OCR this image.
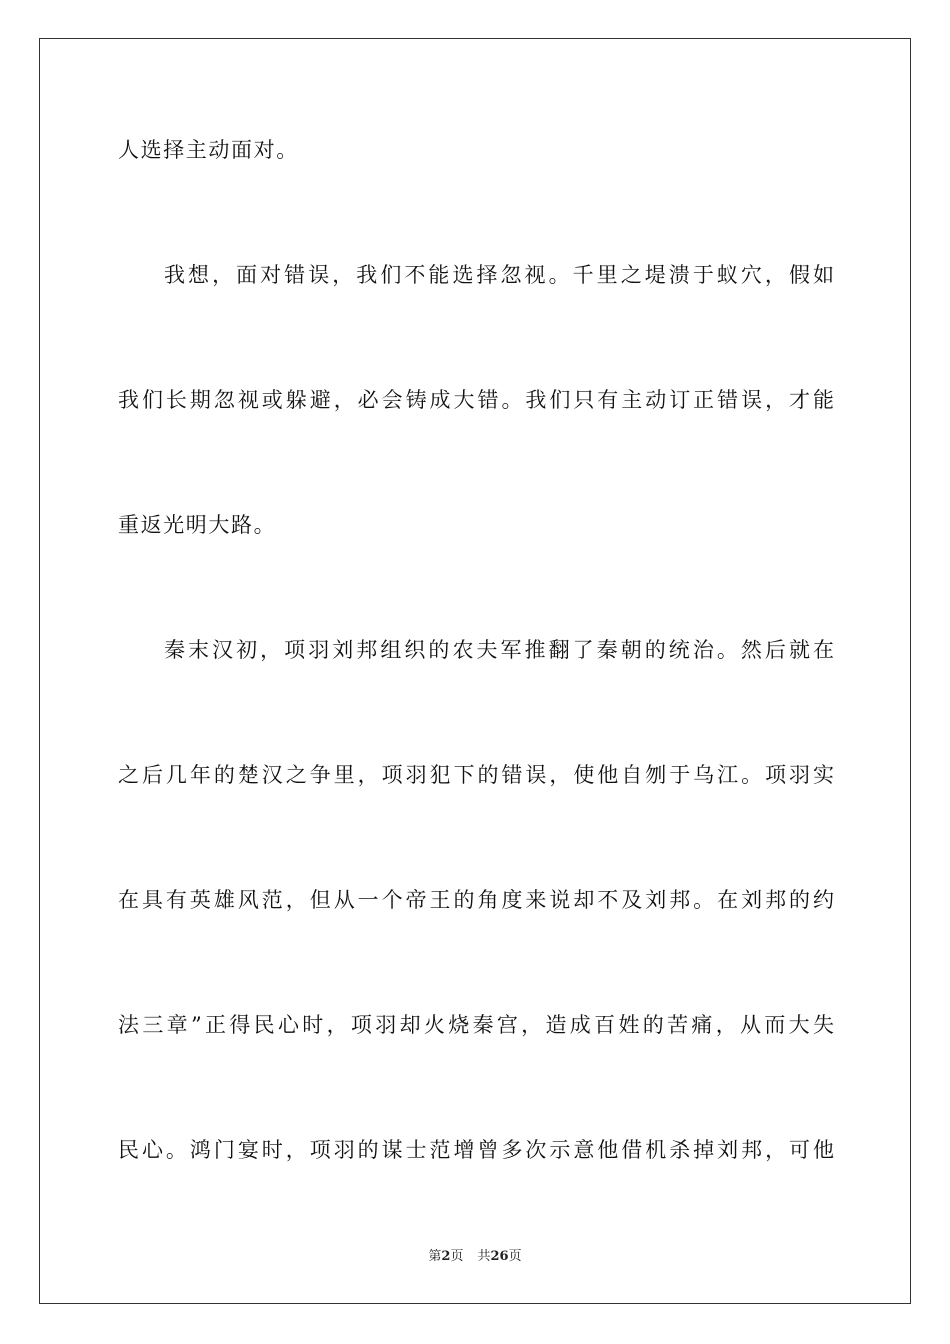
人选择主动面对。
我想，面对错误，我们不能选择忽视。千里之堤溃于蚁穴，假如
我们长期忽视或躲避，必会铸成大错。我们只有主动订正错误，才能
重返光明大路。
秦末汉初，项羽刘邦组织的农夫军推翻了秦朝的统治。然后就在
之后几年的楚汉之争里，项羽犯下的错误，使他自刎于乌江。项羽实
在具有英雄风范，但从一个帝王的角度来说却不及刘邦。在刘邦的约
法三章”正得民心时，项羽却火烧秦宫，造成百姓的苦痛，从而大失
民心。鸿门宴时，项羽的谋士范增曾多次示意他借机杀掉刘邦，可他
第2页 共26页
